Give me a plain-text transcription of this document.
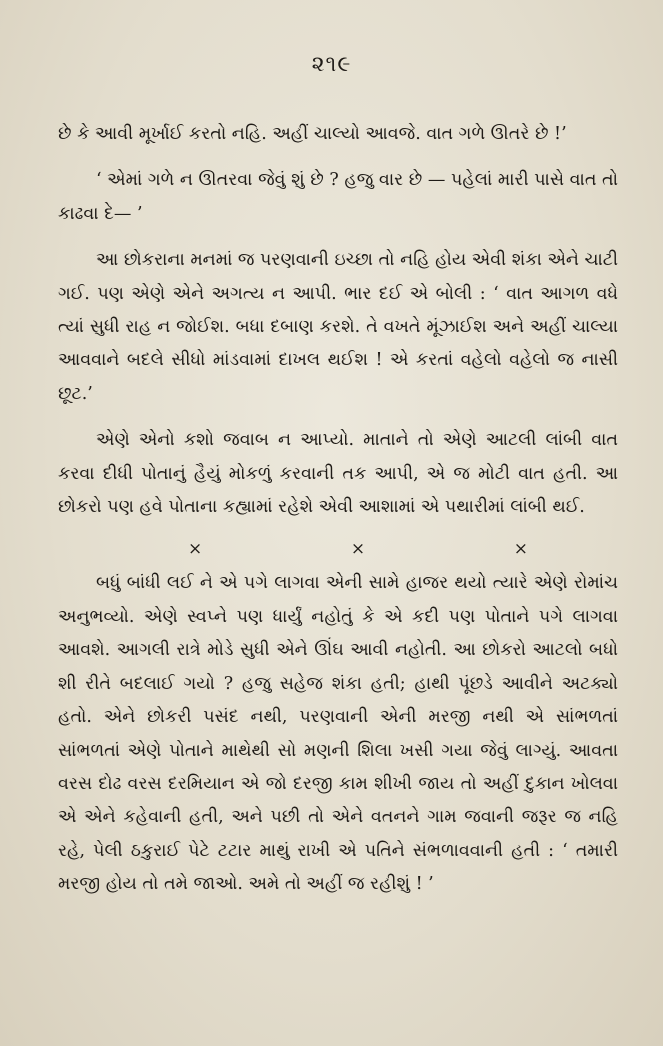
૨૧૯

છે કે આવી મૂર્ખાઈ કરતો નહિ. અહીં ચાલ્યો આવજે. વાત ગળે ઊતરે છે !’

‘ એમાં ગળે ન ઊતરવા જેવું શું છે ? હજુ વાર છે — પહેલાં મારી પાસે વાત તો કાઢવા દે— ’

આ છોકરાના મનમાં જ પરણવાની ઇચ્છા તો નહિ હોય એવી શંકા એને ચાટી ગઈ. પણ એણે એને અગત્ય ન આપી. ભાર દઈ એ બોલી : ‘ વાત આગળ વધે ત્યાં સુધી રાહ ન જોઈશ. બધા દબાણ કરશે. તે વખતે મૂંઝાઈશ અને અહીં ચાલ્યા આવવાને બદલે સીધો માંડવામાં દાખલ થઈશ ! એ કરતાં વહેલો વહેલો જ નાસી છૂટ.’

એણે એનો કશો જવાબ ન આપ્યો. માતાને તો એણે આટલી લાંબી વાત કરવા દીધી પોતાનું હૈયું મોકળું કરવાની તક આપી, એ જ મોટી વાત હતી. આ છોકરો પણ હવે પોતાના કહ્યામાં રહેશે એવી આશામાં એ પથારીમાં લાંબી થઈ.

×	×	×

બધું બાંધી લઈ ને એ પગે લાગવા એની સામે હાજર થયો ત્યારે એણે રોમાંચ અનુભવ્યો. એણે સ્વપ્ને પણ ધાર્યું નહોતું કે એ કદી પણ પોતાને પગે લાગવા આવશે. આગલી રાત્રે મોડે સુધી એને ઊંઘ આવી નહોતી. આ છોકરો આટલો બધો શી રીતે બદલાઈ ગયો ? હજુ સહેજ શંકા હતી; હાથી પૂંછડે આવીને અટક્યો હતો. એને છોકરી પસંદ નથી, પરણવાની એની મરજી નથી એ સાંભળતાં સાંભળતાં એણે પોતાને માથેથી સો મણની શિલા ખસી ગયા જેવું લાગ્યું. આવતા વરસ દોઢ વરસ દરમિયાન એ જો દરજી કામ શીખી જાય તો અહીં દુકાન ખોલવા એ એને કહેવાની હતી, અને પછી તો એને વતનને ગામ જવાની જરૂર જ નહિ રહે, પેલી ઠકુરાઈ પેટે ટટાર માથું રાખી એ પતિને સંભળાવવાની હતી : ‘ તમારી મરજી હોય તો તમે જાઓ. અમે તો અહીં જ રહીશું ! ’
